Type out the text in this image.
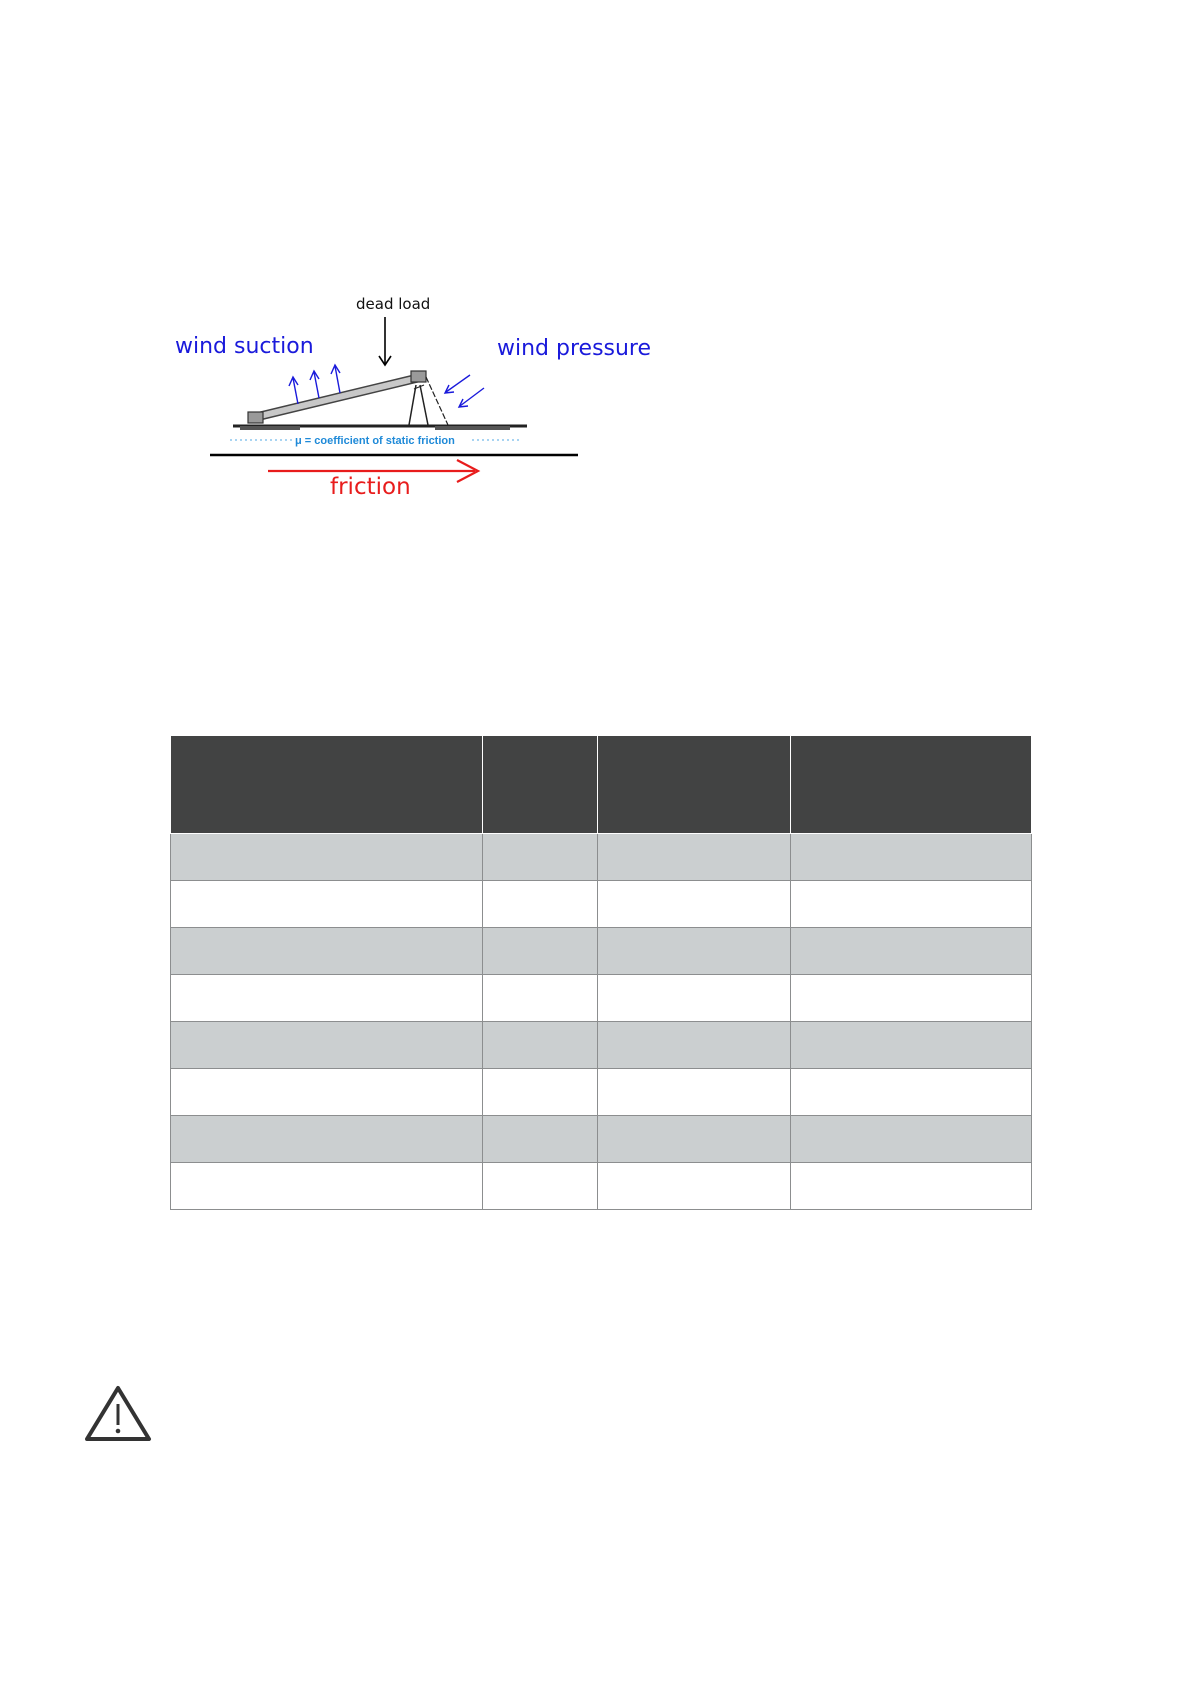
dead load
wind suction	wind pressure
μ = coefficient of static friction
friction
